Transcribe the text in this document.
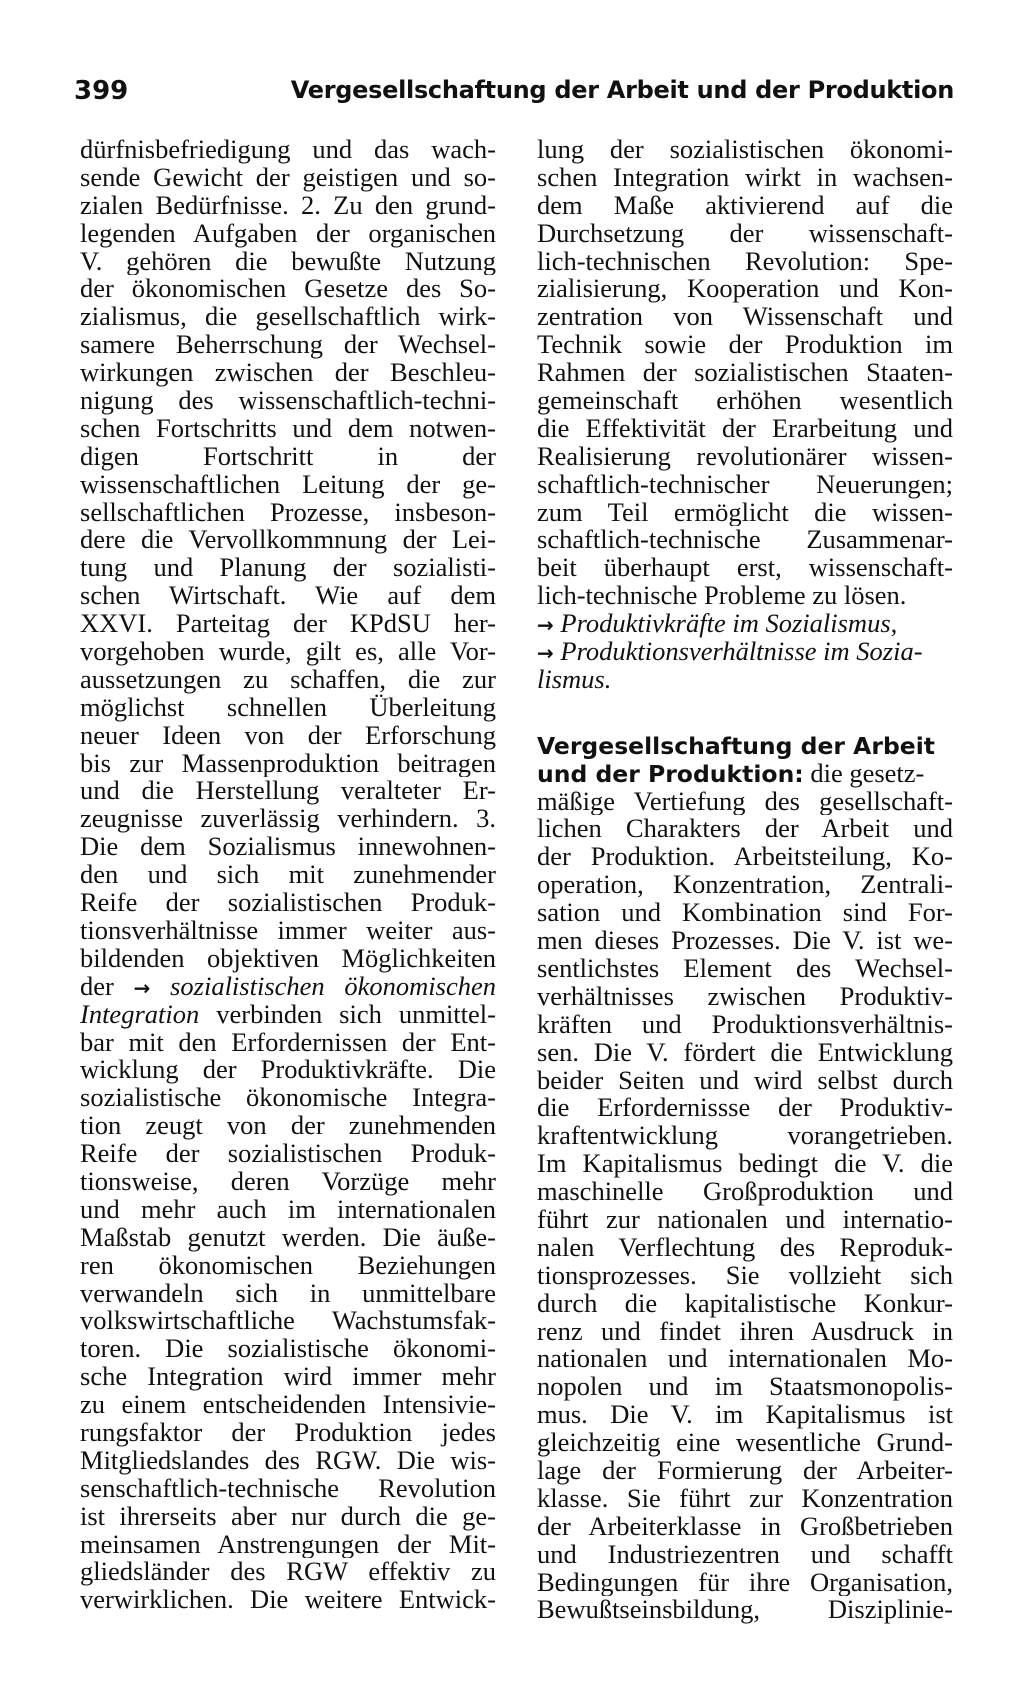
399	Vergesellschaftung der Arbeit und der Produktion
dürfnisbefriedigung und das wach-
sende Gewicht der geistigen und so-
zialen Bedürfnisse. 2. Zu den grund-
legenden Aufgaben der organischen
V. gehören die bewußte Nutzung
der ökonomischen Gesetze des So-
zialismus, die gesellschaftlich wirk-
samere Beherrschung der Wechsel-
wirkungen zwischen der Beschleu-
nigung des wissenschaftlich-techni-
schen Fortschritts und dem notwen-
digen Fortschritt in der
wissenschaftlichen Leitung der ge-
sellschaftlichen Prozesse, insbeson-
dere die Vervollkommnung der Lei-
tung und Planung der sozialisti-
schen Wirtschaft. Wie auf dem
XXVI. Parteitag der KPdSU her-
vorgehoben wurde, gilt es, alle Vor-
aussetzungen zu schaffen, die zur
möglichst schnellen Überleitung
neuer Ideen von der Erforschung
bis zur Massenproduktion beitragen
und die Herstellung veralteter Er-
zeugnisse zuverlässig verhindern. 3.
Die dem Sozialismus innewohnen-
den und sich mit zunehmender
Reife der sozialistischen Produk-
tionsverhältnisse immer weiter aus-
bildenden objektiven Möglichkeiten
der → sozialistischen ökonomischen
Integration verbinden sich unmittel-
bar mit den Erfordernissen der Ent-
wicklung der Produktivkräfte. Die
sozialistische ökonomische Integra-
tion zeugt von der zunehmenden
Reife der sozialistischen Produk-
tionsweise, deren Vorzüge mehr
und mehr auch im internationalen
Maßstab genutzt werden. Die äuße-
ren ökonomischen Beziehungen
verwandeln sich in unmittelbare
volkswirtschaftliche Wachstumsfak-
toren. Die sozialistische ökonomi-
sche Integration wird immer mehr
zu einem entscheidenden Intensivie-
rungsfaktor der Produktion jedes
Mitgliedslandes des RGW. Die wis-
senschaftlich-technische Revolution
ist ihrerseits aber nur durch die ge-
meinsamen Anstrengungen der Mit-
gliedsländer des RGW effektiv zu
verwirklichen. Die weitere Entwick-
lung der sozialistischen ökonomi-
schen Integration wirkt in wachsen-
dem Maße aktivierend auf die
Durchsetzung der wissenschaft-
lich-technischen Revolution: Spe-
zialisierung, Kooperation und Kon-
zentration von Wissenschaft und
Technik sowie der Produktion im
Rahmen der sozialistischen Staaten-
gemeinschaft erhöhen wesentlich
die Effektivität der Erarbeitung und
Realisierung revolutionärer wissen-
schaftlich-technischer Neuerungen;
zum Teil ermöglicht die wissen-
schaftlich-technische Zusammenar-
beit überhaupt erst, wissenschaft-
lich-technische Probleme zu lösen.
→ Produktivkräfte im Sozialismus,
→ Produktionsverhältnisse im Sozia-
lismus.
Vergesellschaftung der Arbeit
und der Produktion: die gesetz-
mäßige Vertiefung des gesellschaft-
lichen Charakters der Arbeit und
der Produktion. Arbeitsteilung, Ko-
operation, Konzentration, Zentrali-
sation und Kombination sind For-
men dieses Prozesses. Die V. ist we-
sentlichstes Element des Wechsel-
verhältnisses zwischen Produktiv-
kräften und Produktionsverhältnis-
sen. Die V. fördert die Entwicklung
beider Seiten und wird selbst durch
die Erfordernissse der Produktiv-
kraftentwicklung vorangetrieben.
Im Kapitalismus bedingt die V. die
maschinelle Großproduktion und
führt zur nationalen und internatio-
nalen Verflechtung des Reproduk-
tionsprozesses. Sie vollzieht sich
durch die kapitalistische Konkur-
renz und findet ihren Ausdruck in
nationalen und internationalen Mo-
nopolen und im Staatsmonopolis-
mus. Die V. im Kapitalismus ist
gleichzeitig eine wesentliche Grund-
lage der Formierung der Arbeiter-
klasse. Sie führt zur Konzentration
der Arbeiterklasse in Großbetrieben
und Industriezentren und schafft
Bedingungen für ihre Organisation,
Bewußtseinsbildung, Disziplinie-
